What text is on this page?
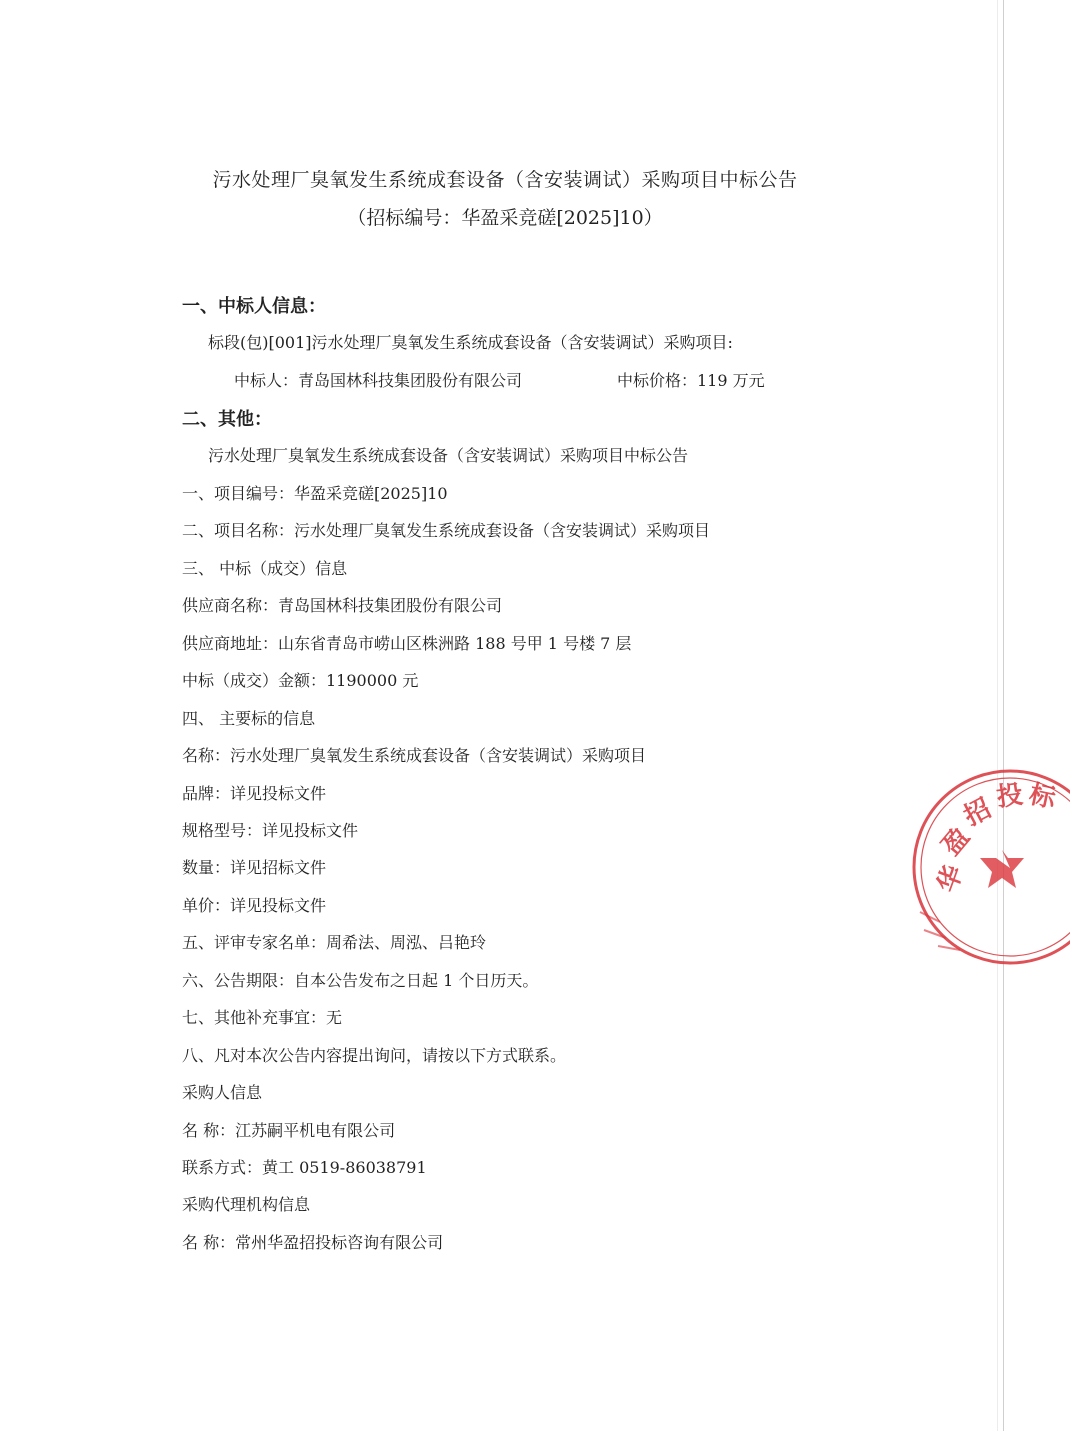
污水处理厂臭氧发生系统成套设备（含安装调试）采购项目中标公告
（招标编号：华盈采竞磋[2025]10）
一、中标人信息：
标段(包)[001]污水处理厂臭氧发生系统成套设备（含安装调试）采购项目:
中标人：青岛国林科技集团股份有限公司	中标价格：119 万元
二、其他：
污水处理厂臭氧发生系统成套设备（含安装调试）采购项目中标公告
一、项目编号：华盈采竞磋[2025]10
二、项目名称：污水处理厂臭氧发生系统成套设备（含安装调试）采购项目
三、 中标（成交）信息
供应商名称：青岛国林科技集团股份有限公司
供应商地址：山东省青岛市崂山区株洲路 188 号甲 1 号楼 7 层
中标（成交）金额：1190000 元
四、 主要标的信息
名称：污水处理厂臭氧发生系统成套设备（含安装调试）采购项目
品牌：详见投标文件
规格型号：详见投标文件
数量：详见招标文件
单价：详见投标文件
五、评审专家名单：周希法、周泓、吕艳玲
六、公告期限：自本公告发布之日起 1 个日历天。
七、其他补充事宜：无
八、凡对本次公告内容提出询问，请按以下方式联系。
采购人信息
名 称：江苏嗣平机电有限公司
联系方式：黄工 0519-86038791
采购代理机构信息
名 称：常州华盈招投标咨询有限公司
华
盈
招
投 标
